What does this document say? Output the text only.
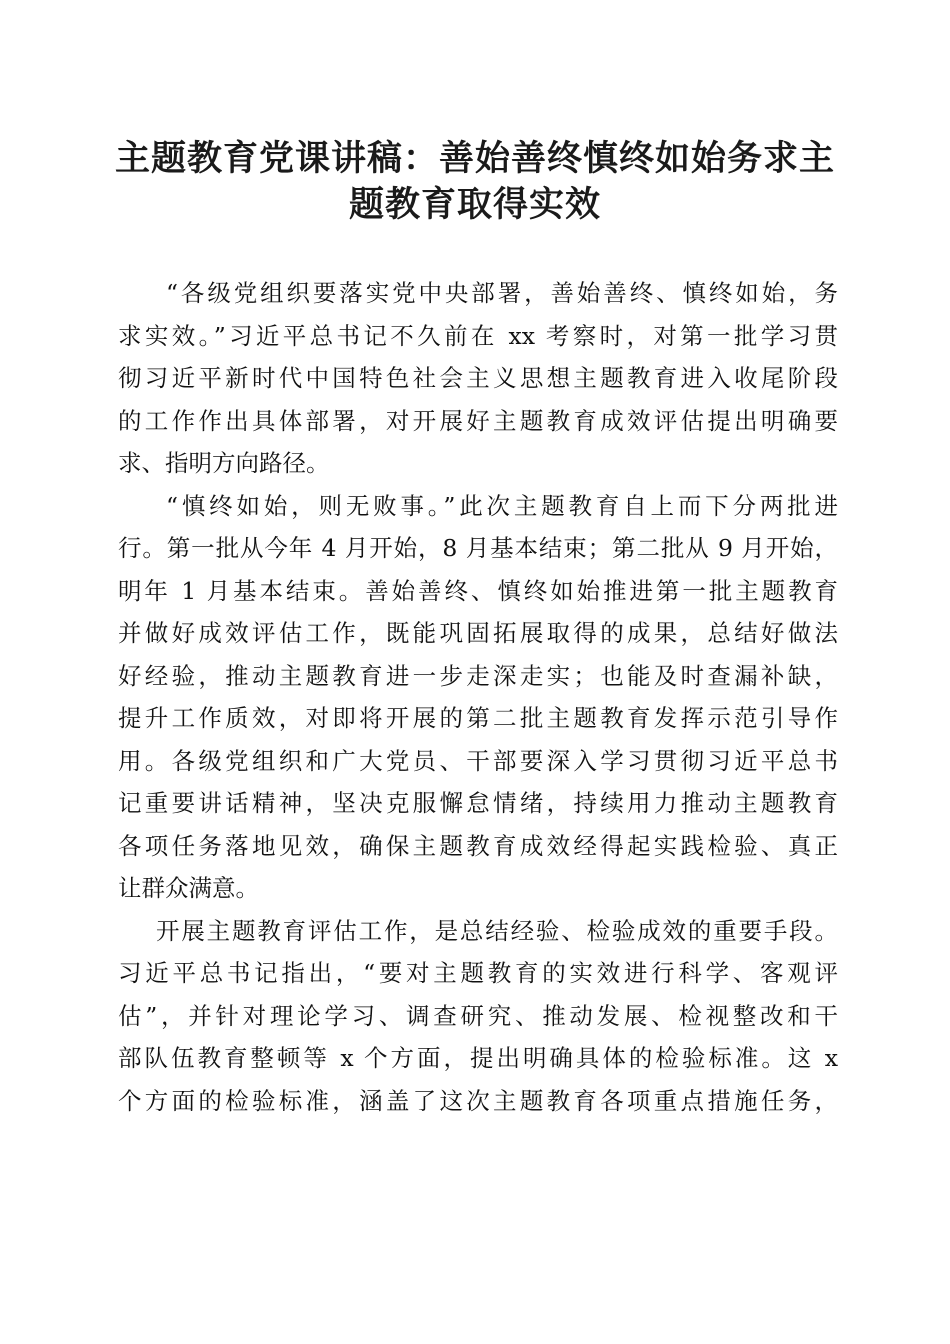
主题教育党课讲稿：善始善终慎终如始务求主
题教育取得实效
“各级党组织要落实党中央部署，善始善终、慎终如始，务
求实效。”习近平总书记不久前在 xx 考察时，对第一批学习贯
彻习近平新时代中国特色社会主义思想主题教育进入收尾阶段
的工作作出具体部署，对开展好主题教育成效评估提出明确要
求、指明方向路径。
“慎终如始，则无败事。”此次主题教育自上而下分两批进
行。第一批从今年 4 月开始，8 月基本结束；第二批从 9 月开始，
明年 1 月基本结束。善始善终、慎终如始推进第一批主题教育
并做好成效评估工作，既能巩固拓展取得的成果，总结好做法
好经验，推动主题教育进一步走深走实；也能及时查漏补缺，
提升工作质效，对即将开展的第二批主题教育发挥示范引导作
用。各级党组织和广大党员、干部要深入学习贯彻习近平总书
记重要讲话精神，坚决克服懈怠情绪，持续用力推动主题教育
各项任务落地见效，确保主题教育成效经得起实践检验、真正
让群众满意。
开展主题教育评估工作，是总结经验、检验成效的重要手段。
习近平总书记指出，“要对主题教育的实效进行科学、客观评
估”，并针对理论学习、调查研究、推动发展、检视整改和干
部队伍教育整顿等 x 个方面，提出明确具体的检验标准。这 x
个方面的检验标准，涵盖了这次主题教育各项重点措施任务，
